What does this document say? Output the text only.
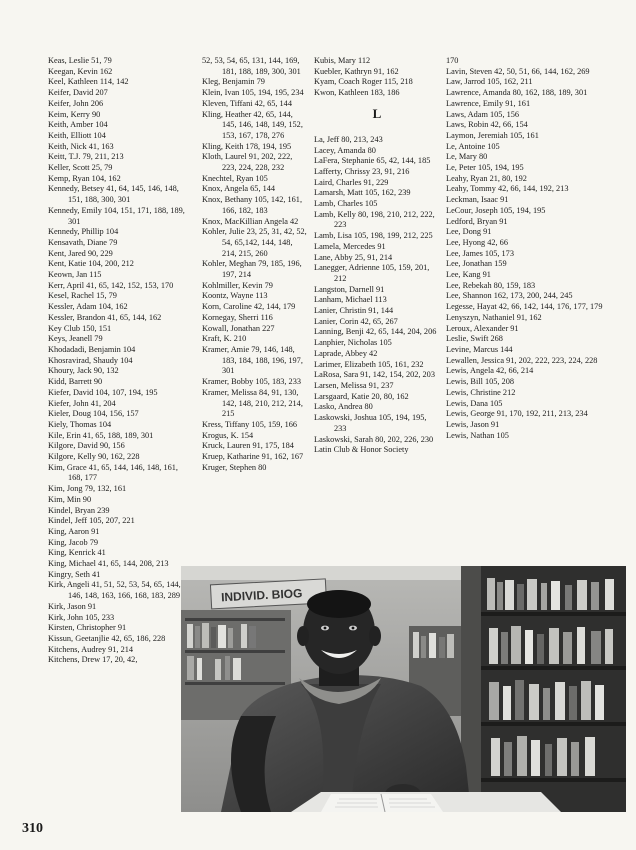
Keas, Leslie 51, 79

Keegan, Kevin 162

Keel, Kathleen 114, 142

Keifer, David 207

Keifer, John 206

Keim, Kerry 90

Keith, Amber 104

Keith, Elliott 104

Keith, Nick 41, 163

Keitt, T.J. 79, 211, 213

Keller, Scott 25, 79

Kemp, Ryan 104, 162

Kennedy, Betsey 41, 64, 145, 146, 148, 151, 188, 300, 301

Kennedy, Emily 104, 151, 171, 188, 189, 301

Kennedy, Phillip 104

Kensavath, Diane 79

Kent, Jared 90, 229

Kent, Katie 104, 200, 212

Keown, Jan 115

Kerr, April 41, 65, 142, 152, 153, 170

Kesel, Rachel 15, 79

Kessler, Adam 104, 162

Kessler, Brandon 41, 65, 144, 162

Key Club 150, 151

Keys, Jeanell 79

Khodadadi, Benjamin 104

Khosravirad, Shaudy 104

Khoury, Jack 90, 132

Kidd, Barrett 90

Kiefer, David 104, 107, 194, 195

Kiefer, John 41, 204

Kieler, Doug 104, 156, 157

Kiely, Thomas 104

Kile, Erin 41, 65, 188, 189, 301

Kilgore, David 90, 156

Kilgore, Kelly 90, 162, 228

Kim, Grace 41, 65, 144, 146, 148, 161, 168, 177

Kim, Jong 79, 132, 161

Kim, Min 90

Kindel, Bryan 239

Kindel, Jeff 105, 207, 221

King, Aaron 91

King, Jacob 79

King, Kenrick 41

King, Michael 41, 65, 144, 208, 213

Kingry, Seth 41

Kirk, Angeli 41, 51, 52, 53, 54, 65, 144, 146, 148, 163, 166, 168, 183, 289

Kirk, Jason 91

Kirk, John 105, 233

Kirsten, Christopher 91

Kissun, Geetanjlie 42, 65, 186, 228

Kitchens, Audrey 91, 214

Kitchens, Drew 17, 20, 42,

52, 53, 54, 65, 131, 144, 169, 181, 188, 189, 300, 301

Kleg, Benjamin 79

Klein, Ivan 105, 194, 195, 234

Kleven, Tiffani 42, 65, 144

Kling, Heather 42, 65, 144, 145, 146, 148, 149, 152, 153, 167, 178, 276

Kling, Keith 178, 194, 195

Kloth, Laurel 91, 202, 222, 223, 224, 228, 232

Knechtel, Ryan 105

Knox, Angela 65, 144

Knox, Bethany 105, 142, 161, 166, 182, 183

Knox, MacKillian Angela 42

Kohler, Julie 23, 25, 31, 42, 52, 54, 65,142, 144, 148, 214, 215, 260

Kohler, Meghan 79, 185, 196, 197, 214

Kohlmiller, Kevin 79

Koontz, Wayne 113

Korn, Caroline 42, 144, 179

Kornegay, Sherri 116

Kowall, Jonathan 227

Kraft, K. 210

Kramer, Amie 79, 146, 148, 183, 184, 188, 196, 197, 301

Kramer, Bobby 105, 183, 233

Kramer, Melissa 84, 91, 130, 142, 148, 210, 212, 214, 215

Kress, Tiffany 105, 159, 166

Krogus, K. 154

Kruck, Lauren 91, 175, 184

Kruep, Katharine 91, 162, 167

Kruger, Stephen 80

Kubis, Mary 112

Kuebler, Kathryn 91, 162

Kyam, Coach Roger 115, 218

Kwon, Kathleen 183, 186

L

La, Jeff 80, 213, 243

Lacey, Amanda 80

LaFera, Stephanie 65, 42, 144, 185

Lafferty, Chrissy 23, 91, 216

Laird, Charles 91, 229

Lamarsh, Matt 105, 162, 239

Lamb, Charles 105

Lamb, Kelly 80, 198, 210, 212, 222, 223

Lamb, Lisa 105, 198, 199, 212, 225

Lamela, Mercedes 91

Lane, Abby 25, 91, 214

Lanegger, Adrienne 105, 159, 201, 212

Langston, Darnell 91

Lanham, Michael 113

Lanier, Christin 91, 144

Lanier, Corin 42, 65, 267

Lanning, Benji 42, 65, 144, 204, 206

Lanphier, Nicholas 105

Laprade, Abbey 42

Larimer, Elizabeth 105, 161, 232

LaRosa, Sara 91, 142, 154, 202, 203

Larsen, Melissa 91, 237

Larsgaard, Katie 20, 80, 162

Lasko, Andrea 80

Laskowski, Joshua 105, 194, 195, 233

Laskowski, Sarah 80, 202, 226, 230

Latin Club & Honor Society

170

Lavin, Steven 42, 50, 51, 66, 144, 162, 269

Law, Jarrod 105, 162, 211

Lawrence, Amanda 80, 162, 188, 189, 301

Lawrence, Emily 91, 161

Laws, Adam 105, 156

Laws, Robin 42, 66, 154

Laymon, Jeremiah 105, 161

Le, Antoine 105

Le, Mary 80

Le, Peter 105, 194, 195

Leahy, Ryan 21, 80, 192

Leahy, Tommy 42, 66, 144, 192, 213

Leckman, Isaac 91

LeCour, Joseph 105, 194, 195

Ledford, Bryan 91

Lee, Dong 91

Lee, Hyong 42, 66

Lee, James 105, 173

Lee, Jonathan 159

Lee, Kang 91

Lee, Rebekah 80, 159, 183

Lee, Shannon 162, 173, 200, 244, 245

Legesse, Hayat 42, 66, 142, 144, 176, 177, 179

Lenyszyn, Nathaniel 91, 162

Leroux, Alexander 91

Leslie, Swift 268

Levine, Marcus 144

Lewallen, Jessica 91, 202, 222, 223, 224, 228

Lewis, Angela 42, 66, 214

Lewis, Bill 105, 208

Lewis, Christine 212

Lewis, Dana 105

Lewis, George 91, 170, 192, 211, 213, 234

Lewis, Jason 91

Lewis, Nathan 105

INDIVID. BIOG
310
